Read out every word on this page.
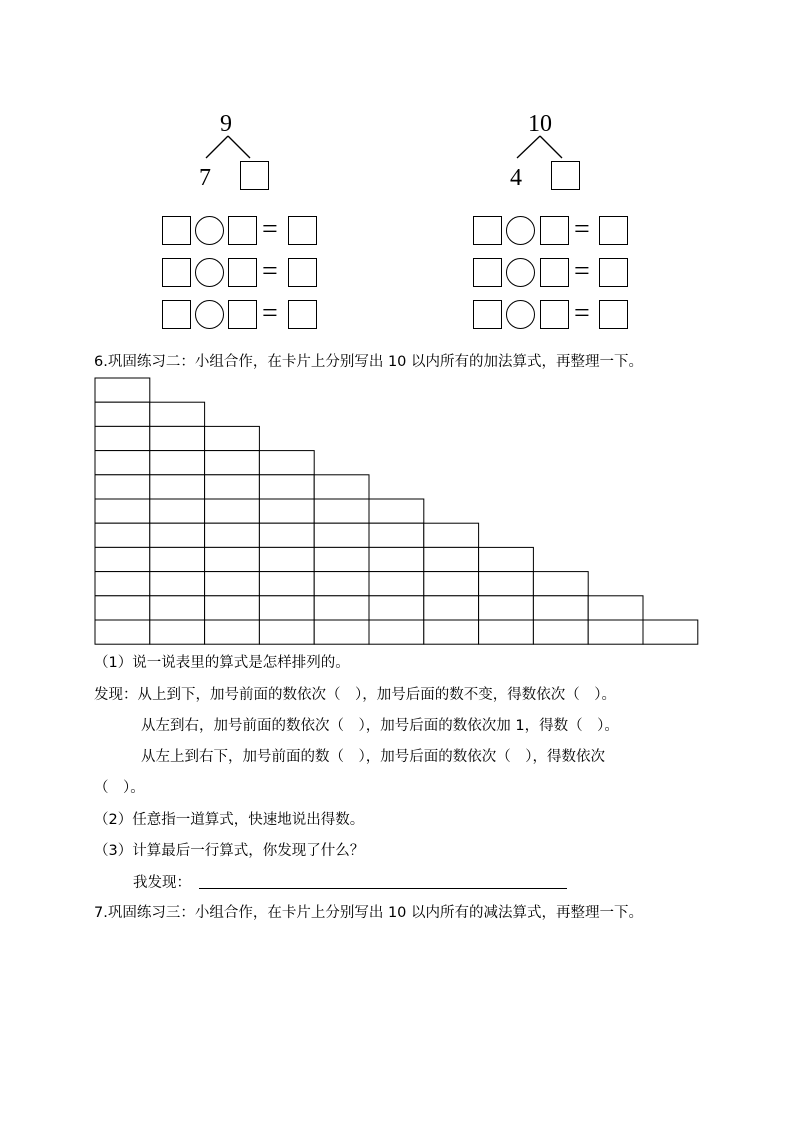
9
7
10
4
=
=
=
=
=
=
6.巩固练习二：小组合作，在卡片上分别写出 10 以内所有的加法算式，再整理一下。
（1）说一说表里的算式是怎样排列的。
发现：从上到下，加号前面的数依次（　），加号后面的数不变，得数依次（　）。
从左到右，加号前面的数依次（　），加号后面的数依次加 1，得数（　）。
从左上到右下，加号前面的数（　），加号后面的数依次（　），得数依次
（　）。
（2）任意指一道算式，快速地说出得数。
（3）计算最后一行算式，你发现了什么？
我发现：
7.巩固练习三：小组合作，在卡片上分别写出 10 以内所有的减法算式，再整理一下。
